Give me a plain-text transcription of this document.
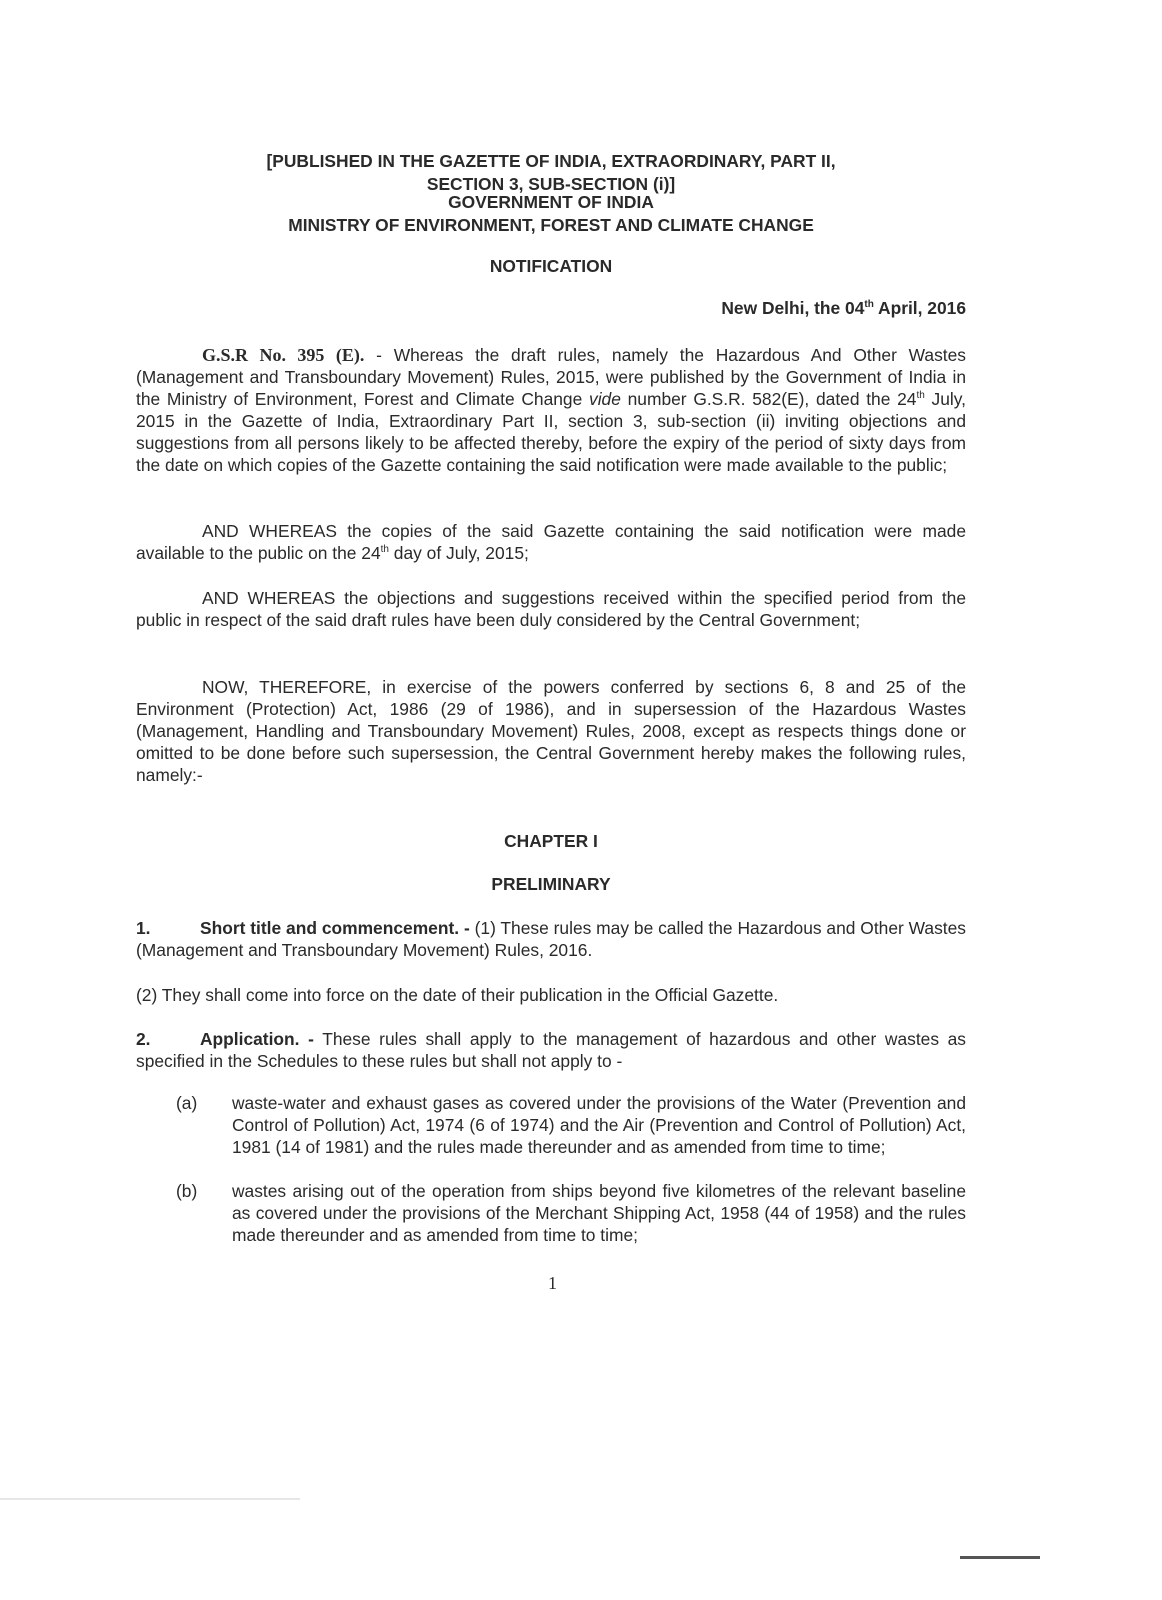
[PUBLISHED IN THE GAZETTE OF INDIA, EXTRAORDINARY, PART II,
SECTION 3, SUB-SECTION (i)]
GOVERNMENT OF INDIA
MINISTRY OF ENVIRONMENT, FOREST AND CLIMATE CHANGE
NOTIFICATION
New Delhi, the 04th April, 2016
G.S.R No. 395 (E). - Whereas the draft rules, namely the Hazardous And Other Wastes (Management and Transboundary Movement) Rules, 2015, were published by the Government of India in the Ministry of Environment, Forest and Climate Change vide number G.S.R. 582(E), dated the 24th July, 2015 in the Gazette of India, Extraordinary Part II, section 3, sub-section (ii) inviting objections and suggestions from all persons likely to be affected thereby, before the expiry of the period of sixty days from the date on which copies of the Gazette containing the said notification were made available to the public;
AND WHEREAS the copies of the said Gazette containing the said notification were made available to the public on the 24th day of July, 2015;
AND WHEREAS the objections and suggestions received within the specified period from the public in respect of the said draft rules have been duly considered by the Central Government;
NOW, THEREFORE, in exercise of the powers conferred by sections 6, 8 and 25 of the Environment (Protection) Act, 1986 (29 of 1986), and in supersession of the Hazardous Wastes (Management, Handling and Transboundary Movement) Rules, 2008, except as respects things done or omitted to be done before such supersession, the Central Government hereby makes the following rules, namely:-
CHAPTER I
PRELIMINARY
1.	Short title and commencement. - (1) These rules may be called the Hazardous and Other Wastes (Management and Transboundary Movement) Rules, 2016.
(2) They shall come into force on the date of their publication in the Official Gazette.
2.	Application. - These rules shall apply to the management of hazardous and other wastes as specified in the Schedules to these rules but shall not apply to -
(a) waste-water and exhaust gases as covered under the provisions of the Water (Prevention and Control of Pollution) Act, 1974 (6 of 1974) and the Air (Prevention and Control of Pollution) Act, 1981 (14 of 1981) and the rules made thereunder and as amended from time to time;
(b) wastes arising out of the operation from ships beyond five kilometres of the relevant baseline as covered under the provisions of the Merchant Shipping Act, 1958 (44 of 1958) and the rules made thereunder and as amended from time to time;
1
